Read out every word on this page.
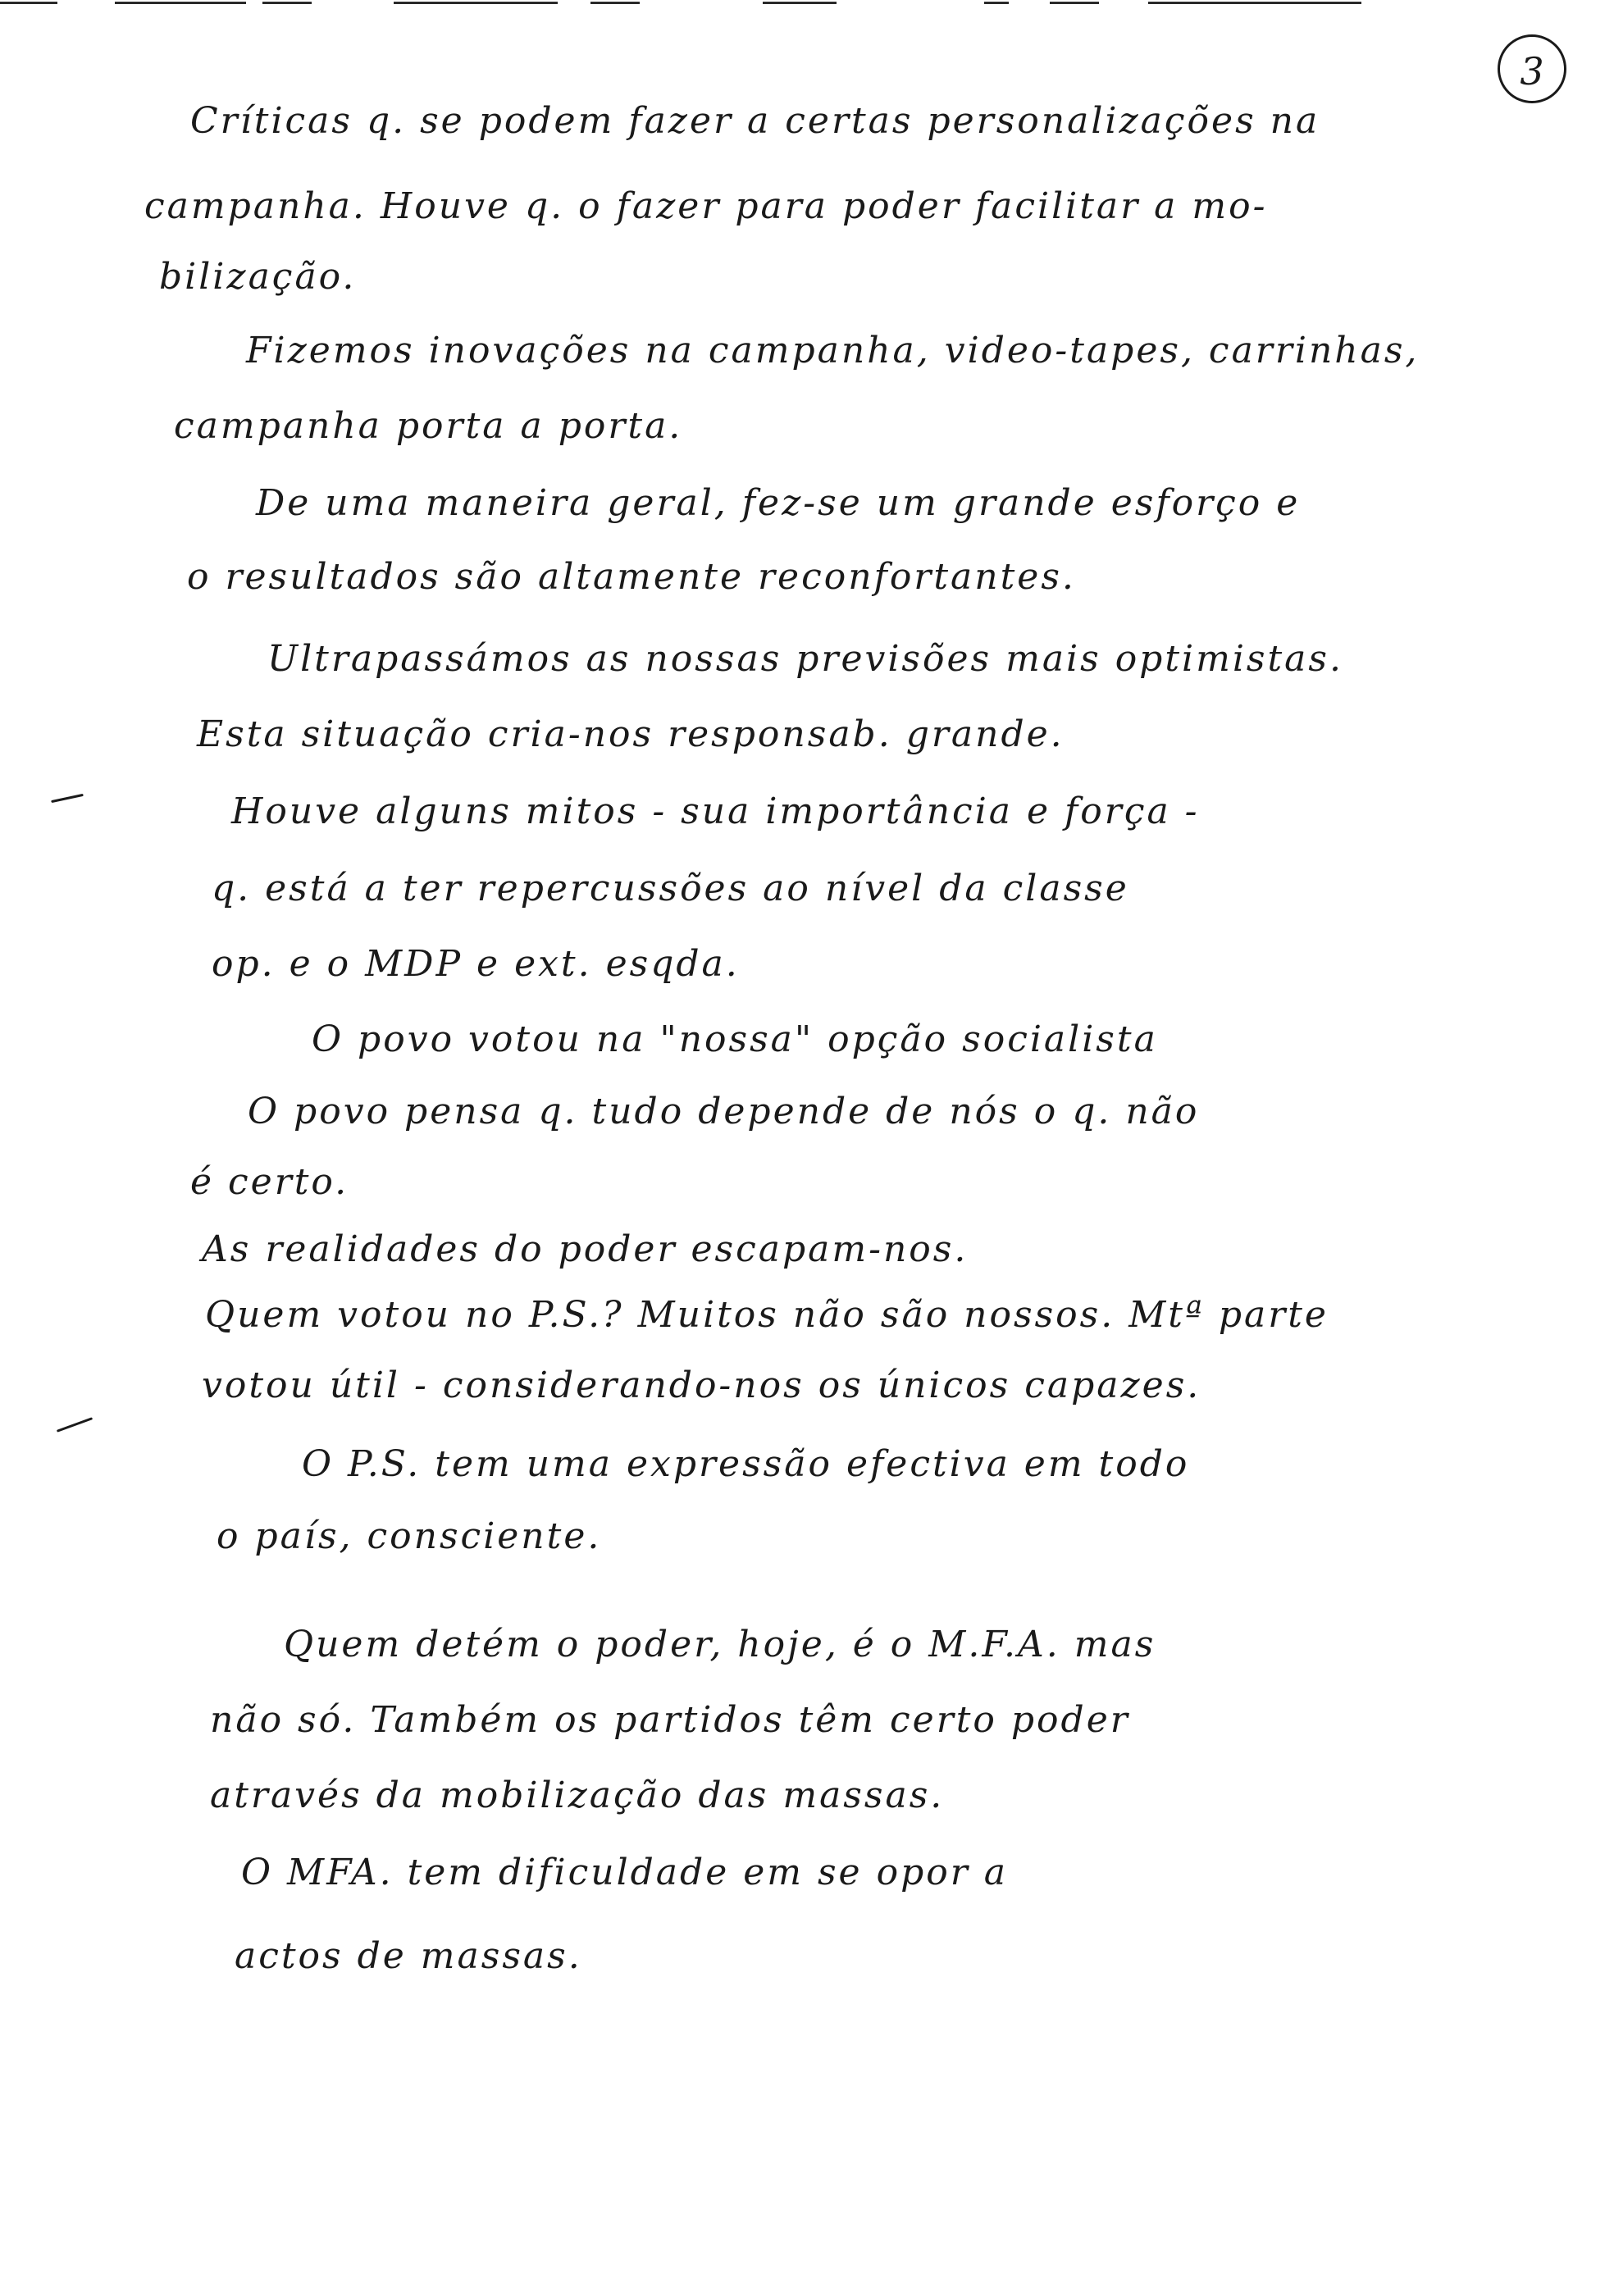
3
Críticas q. se podem fazer a certas personalizações na
campanha. Houve q. o fazer para poder facilitar a mo-
bilização.
Fizemos inovações na campanha, video-tapes, carrinhas,
campanha porta a porta.
De uma maneira geral, fez-se um grande esforço e
o resultados são altamente reconfortantes.
Ultrapassámos as nossas previsões mais optimistas.
Esta situação cria-nos responsab. grande.
Houve alguns mitos - sua importância e força -
q. está a ter repercussões ao nível da classe
op. e o MDP e ext. esqda.
O povo votou na "nossa" opção socialista
O povo pensa q. tudo depende de nós o q. não
é certo.
As realidades do poder escapam-nos.
Quem votou no P.S.? Muitos não são nossos. Mtª parte
votou útil - considerando-nos os únicos capazes.
O P.S. tem uma expressão efectiva em todo
o país, consciente.
Quem detém o poder, hoje, é o M.F.A. mas
não só. Também os partidos têm certo poder
através da mobilização das massas.
O MFA. tem dificuldade em se opor a
actos de massas.
